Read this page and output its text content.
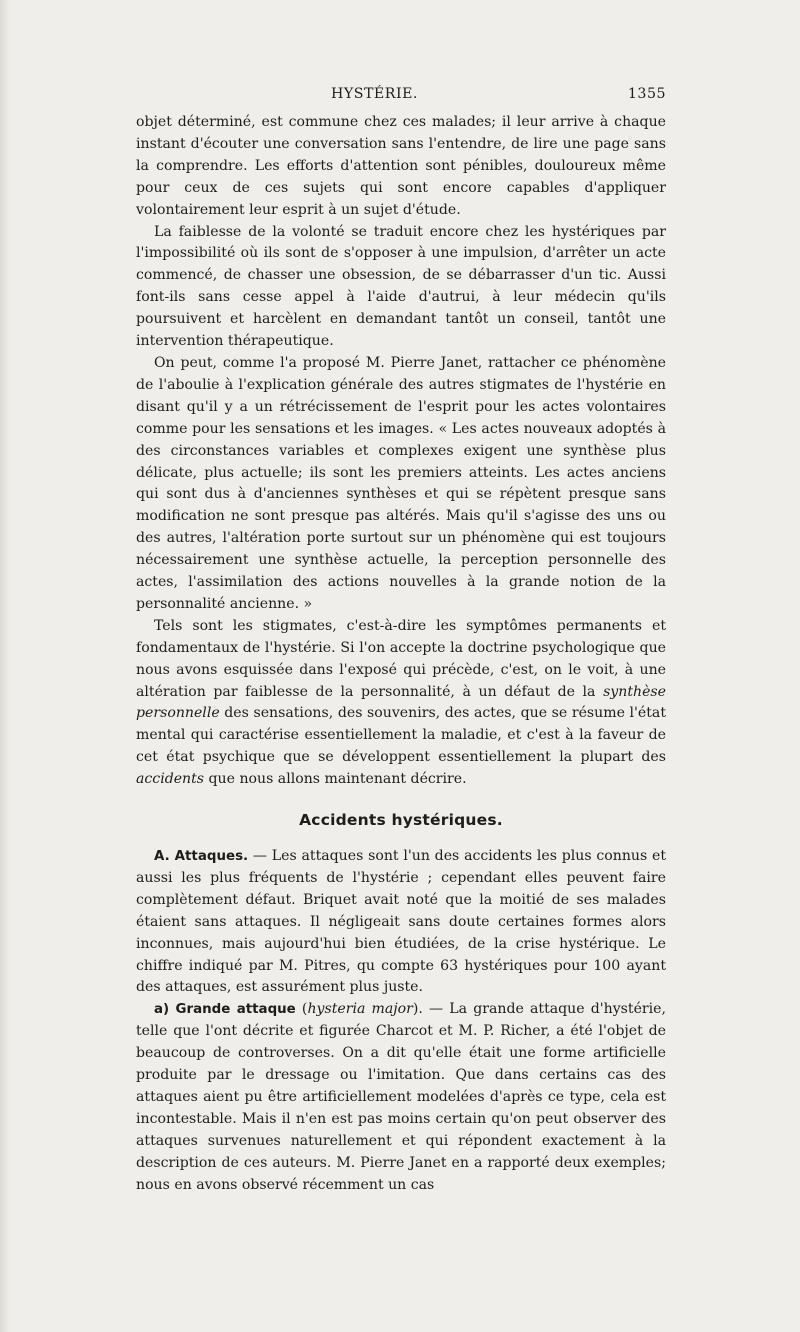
HYSTÉRIE.	1355

objet déterminé, est commune chez ces malades; il leur arrive à chaque instant d'écouter une conversation sans l'entendre, de lire une page sans la comprendre. Les efforts d'attention sont pénibles, douloureux même pour ceux de ces sujets qui sont encore capables d'appliquer volontairement leur esprit à un sujet d'étude.

La faiblesse de la volonté se traduit encore chez les hystériques par l'impossibilité où ils sont de s'opposer à une impulsion, d'arrêter un acte commencé, de chasser une obsession, de se débarrasser d'un tic. Aussi font-ils sans cesse appel à l'aide d'autrui, à leur médecin qu'ils poursuivent et harcèlent en demandant tantôt un conseil, tantôt une intervention thérapeutique.

On peut, comme l'a proposé M. Pierre Janet, rattacher ce phénomène de l'aboulie à l'explication générale des autres stigmates de l'hystérie en disant qu'il y a un rétrécissement de l'esprit pour les actes volontaires comme pour les sensations et les images. « Les actes nouveaux adoptés à des circonstances variables et complexes exigent une synthèse plus délicate, plus actuelle; ils sont les premiers atteints. Les actes anciens qui sont dus à d'anciennes synthèses et qui se répètent presque sans modification ne sont presque pas altérés. Mais qu'il s'agisse des uns ou des autres, l'altération porte surtout sur un phénomène qui est toujours nécessairement une synthèse actuelle, la perception personnelle des actes, l'assimilation des actions nouvelles à la grande notion de la personnalité ancienne. »

Tels sont les stigmates, c'est-à-dire les symptômes permanents et fondamentaux de l'hystérie. Si l'on accepte la doctrine psychologique que nous avons esquissée dans l'exposé qui précède, c'est, on le voit, à une altération par faiblesse de la personnalité, à un défaut de la synthèse personnelle des sensations, des souvenirs, des actes, que se résume l'état mental qui caractérise essentiellement la maladie, et c'est à la faveur de cet état psychique que se développent essentiellement la plupart des accidents que nous allons maintenant décrire.

Accidents hystériques.

A. Attaques. — Les attaques sont l'un des accidents les plus connus et aussi les plus fréquents de l'hystérie ; cependant elles peuvent faire complètement défaut. Briquet avait noté que la moitié de ses malades étaient sans attaques. Il négligeait sans doute certaines formes alors inconnues, mais aujourd'hui bien étudiées, de la crise hystérique. Le chiffre indiqué par M. Pitres, qu compte 63 hystériques pour 100 ayant des attaques, est assurément plus juste.

a) Grande attaque (hysteria major). — La grande attaque d'hystérie, telle que l'ont décrite et figurée Charcot et M. P. Richer, a été l'objet de beaucoup de controverses. On a dit qu'elle était une forme artificielle produite par le dressage ou l'imitation. Que dans certains cas des attaques aient pu être artificiellement modelées d'après ce type, cela est incontestable. Mais il n'en est pas moins certain qu'on peut observer des attaques survenues naturellement et qui répondent exactement à la description de ces auteurs. M. Pierre Janet en a rapporté deux exemples; nous en avons observé récemment un cas
